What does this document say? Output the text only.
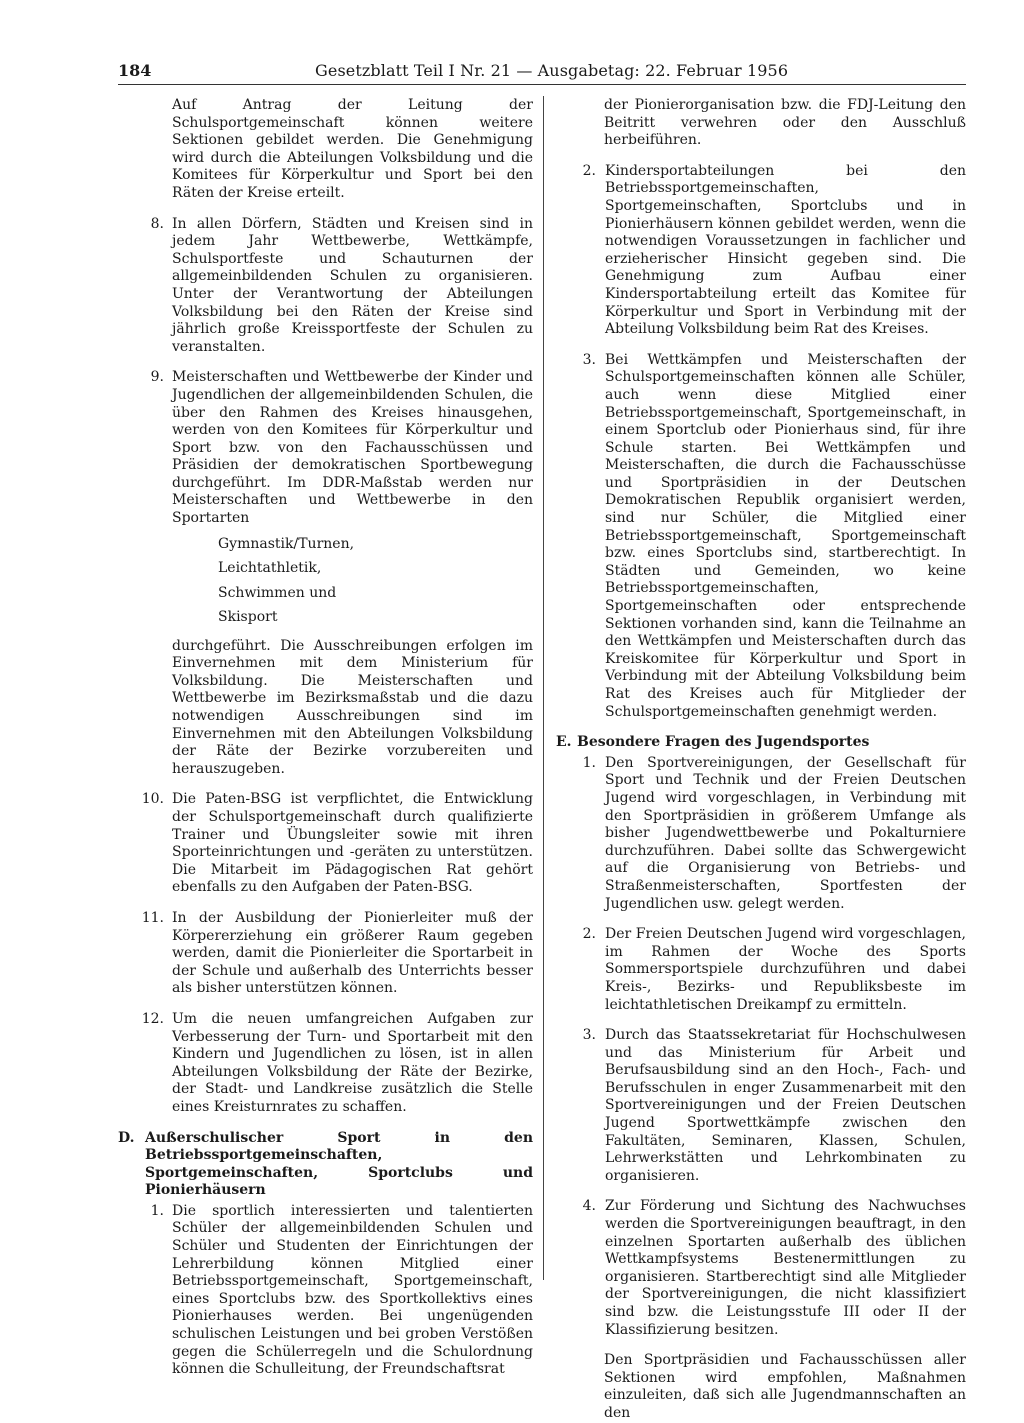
184	Gesetzblatt Teil I Nr. 21 — Ausgabetag: 22. Februar 1956

Auf Antrag der Leitung der Schulsportgemeinschaft können weitere Sektionen gebildet werden. Die Genehmigung wird durch die Abteilungen Volksbildung und die Komitees für Körperkultur und Sport bei den Räten der Kreise erteilt.

8. In allen Dörfern, Städten und Kreisen sind in jedem Jahr Wettbewerbe, Wettkämpfe, Schulsportfeste und Schauturnen der allgemeinbildenden Schulen zu organisieren. Unter der Verantwortung der Abteilungen Volksbildung bei den Räten der Kreise sind jährlich große Kreissportfeste der Schulen zu veranstalten.

9. Meisterschaften und Wettbewerbe der Kinder und Jugendlichen der allgemeinbildenden Schulen, die über den Rahmen des Kreises hinausgehen, werden von den Komitees für Körperkultur und Sport bzw. von den Fachausschüssen und Präsidien der demokratischen Sportbewegung durchgeführt. Im DDR-Maßstab werden nur Meisterschaften und Wettbewerbe in den Sportarten

Gymnastik/Turnen,
Leichtathletik,
Schwimmen und
Skisport

durchgeführt. Die Ausschreibungen erfolgen im Einvernehmen mit dem Ministerium für Volksbildung. Die Meisterschaften und Wettbewerbe im Bezirksmaßstab und die dazu notwendigen Ausschreibungen sind im Einvernehmen mit den Abteilungen Volksbildung der Räte der Bezirke vorzubereiten und herauszugeben.

10. Die Paten-BSG ist verpflichtet, die Entwicklung der Schulsportgemeinschaft durch qualifizierte Trainer und Übungsleiter sowie mit ihren Sporteinrichtungen und -geräten zu unterstützen. Die Mitarbeit im Pädagogischen Rat gehört ebenfalls zu den Aufgaben der Paten-BSG.

11. In der Ausbildung der Pionierleiter muß der Körpererziehung ein größerer Raum gegeben werden, damit die Pionierleiter die Sportarbeit in der Schule und außerhalb des Unterrichts besser als bisher unterstützen können.

12. Um die neuen umfangreichen Aufgaben zur Verbesserung der Turn- und Sportarbeit mit den Kindern und Jugendlichen zu lösen, ist in allen Abteilungen Volksbildung der Räte der Bezirke, der Stadt- und Landkreise zusätzlich die Stelle eines Kreisturnrates zu schaffen.

D. Außerschulischer Sport in den Betriebssportgemeinschaften, Sportgemeinschaften, Sportclubs und Pionierhäusern

1. Die sportlich interessierten und talentierten Schüler der allgemeinbildenden Schulen und Schüler und Studenten der Einrichtungen der Lehrerbildung können Mitglied einer Betriebssportgemeinschaft, Sportgemeinschaft, eines Sportclubs bzw. des Sportkollektivs eines Pionierhauses werden. Bei ungenügenden schulischen Leistungen und bei groben Verstößen gegen die Schülerregeln und die Schulordnung können die Schulleitung, der Freundschaftsrat

der Pionierorganisation bzw. die FDJ-Leitung den Beitritt verwehren oder den Ausschluß herbeiführen.

2. Kindersportabteilungen bei den Betriebssportgemeinschaften, Sportgemeinschaften, Sportclubs und in Pionierhäusern können gebildet werden, wenn die notwendigen Voraussetzungen in fachlicher und erzieherischer Hinsicht gegeben sind. Die Genehmigung zum Aufbau einer Kindersportabteilung erteilt das Komitee für Körperkultur und Sport in Verbindung mit der Abteilung Volksbildung beim Rat des Kreises.

3. Bei Wettkämpfen und Meisterschaften der Schulsportgemeinschaften können alle Schüler, auch wenn diese Mitglied einer Betriebssportgemeinschaft, Sportgemeinschaft, in einem Sportclub oder Pionierhaus sind, für ihre Schule starten. Bei Wettkämpfen und Meisterschaften, die durch die Fachausschüsse und Sportpräsidien in der Deutschen Demokratischen Republik organisiert werden, sind nur Schüler, die Mitglied einer Betriebssportgemeinschaft, Sportgemeinschaft bzw. eines Sportclubs sind, startberechtigt. In Städten und Gemeinden, wo keine Betriebssportgemeinschaften, Sportgemeinschaften oder entsprechende Sektionen vorhanden sind, kann die Teilnahme an den Wettkämpfen und Meisterschaften durch das Kreiskomitee für Körperkultur und Sport in Verbindung mit der Abteilung Volksbildung beim Rat des Kreises auch für Mitglieder der Schulsportgemeinschaften genehmigt werden.

E. Besondere Fragen des Jugendsportes

1. Den Sportvereinigungen, der Gesellschaft für Sport und Technik und der Freien Deutschen Jugend wird vorgeschlagen, in Verbindung mit den Sportpräsidien in größerem Umfange als bisher Jugendwettbewerbe und Pokalturniere durchzuführen. Dabei sollte das Schwergewicht auf die Organisierung von Betriebs- und Straßenmeisterschaften, Sportfesten der Jugendlichen usw. gelegt werden.

2. Der Freien Deutschen Jugend wird vorgeschlagen, im Rahmen der Woche des Sports Sommersportspiele durchzuführen und dabei Kreis-, Bezirks- und Republiksbeste im leichtathletischen Dreikampf zu ermitteln.

3. Durch das Staatssekretariat für Hochschulwesen und das Ministerium für Arbeit und Berufsausbildung sind an den Hoch-, Fach- und Berufsschulen in enger Zusammenarbeit mit den Sportvereinigungen und der Freien Deutschen Jugend Sportwettkämpfe zwischen den Fakultäten, Seminaren, Klassen, Schulen, Lehrwerkstätten und Lehrkombinaten zu organisieren.

4. Zur Förderung und Sichtung des Nachwuchses werden die Sportvereinigungen beauftragt, in den einzelnen Sportarten außerhalb des üblichen Wettkampfsystems Bestenermittlungen zu organisieren. Startberechtigt sind alle Mitglieder der Sportvereinigungen, die nicht klassifiziert sind bzw. die Leistungsstufe III oder II der Klassifizierung besitzen.

Den Sportpräsidien und Fachausschüssen aller Sektionen wird empfohlen, Maßnahmen einzuleiten, daß sich alle Jugendmannschaften an den
